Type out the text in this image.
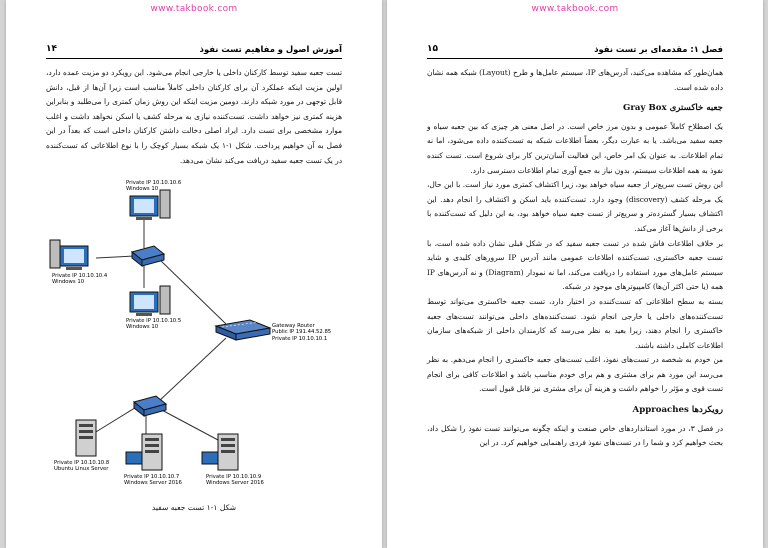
www.takbook.com
۱۴	آموزش اصول و مفاهیم تست نفوذ

تست جعبه سفید توسط کارکنان داخلی یا خارجی انجام می‌شود. این رویکرد دو مزیت عمده دارد، اولین مزیت اینکه عملکرد آن برای کارکنان داخلی کاملاً مناسب است زیرا آن‌ها از قبل، دانش قابل توجهی در مورد شبکه دارند. دومین مزیت اینکه این روش زمان کمتری را می‌طلبد و بنابراین هزینه کمتری نیز خواهد داشت. تست‌کننده نیازی به مرحله کشف یا اسکن نخواهد داشت و اغلب موارد مشخصی برای تست دارد. ایراد اصلی دخالت داشتن کارکنان داخلی است که بعداً در این فصل به آن خواهیم پرداخت. شکل ۱-۱ یک شبکه بسیار کوچک را با نوع اطلاعاتی که تست‌کننده در یک تست جعبه سفید دریافت می‌کند نشان می‌دهد.

Private IP 10.10.10.6
Windows 10
Private IP 10.10.10.4
Windows 10
Private IP 10.10.10.5
Windows 10	Gateway Router
Public IP 191.44.52.85
Private IP 10.10.10.1
Private IP 10.10.10.8
Ubuntu Linux Server
Private IP 10.10.10.7
Windows Server 2016
Private IP 10.10.10.9
Windows Server 2016
شکل ۱-۱ تست جعبه سفید
www.takbook.com
۱۵	فصل ۱: مقدمه‌ای بر تست نفوذ

همان‌طور که مشاهده می‌کنید، آدرس‌های IP، سیستم عامل‌ها و طرح (Layout) شبکه همه نشان داده شده است.

جعبه خاکستری Gray Box

یک اصطلاح کاملاً عمومی و بدون مرز خاص است. در اصل معنی هر چیزی که بین جعبه سیاه و جعبه سفید می‌باشد. یا به عبارت دیگر، بعضاً اطلاعات شبکه به تست‌کننده داده می‌شود، اما نه تمام اطلاعات. به عنوان یک امر خاص، این فعالیت آسان‌ترین کار برای شروع است. تست کننده نفوذ به همه اطلاعات سیستم، بدون نیاز به جمع آوری تمام اطلاعات دسترسی دارد.

این روش تست سریع‌تر از جعبه سیاه خواهد بود، زیرا اکتشاف کمتری مورد نیاز است. با این حال، یک مرحله کشف (discovery) وجود دارد. تست‌کننده باید اسکن و اکتشاف را انجام دهد. این اکتشاف بسیار گسترده‌تر و سریع‌تر از تست جعبه سیاه خواهد بود، به این دلیل که تست‌کننده با برخی از دانش‌ها آغاز می‌کند.

بر خلاف اطلاعات فاش شده در تست جعبه سفید که در شکل قبلی نشان داده شده است، با تست جعبه خاکستری، تست‌کننده اطلاعات عمومی مانند آدرس IP سرورهای کلیدی و شاید سیستم عامل‌های مورد استفاده را دریافت می‌کند، اما نه نمودار (Diagram) و نه آدرس‌های IP همه (یا حتی اکثر آن‌ها) کامپیوترهای موجود در شبکه.

بسته به سطح اطلاعاتی که تست‌کننده در اختیار دارد، تست جعبه خاکستری می‌تواند توسط تست‌کننده‌های داخلی یا خارجی انجام شود. تست‌کننده‌های داخلی می‌توانند تست‌های جعبه خاکستری را انجام دهند، زیرا بعید به نظر می‌رسد که کارمندان داخلی از شبکه‌های سازمان اطلاعات کاملی داشته باشند.

من خودم به شخصه در تست‌های نفوذ، اغلب تست‌های جعبه خاکستری را انجام می‌دهم. به نظر می‌رسد این مورد هم برای مشتری و هم برای خودم مناسب باشد و اطلاعات کافی برای انجام تست قوی و مؤثر را خواهم داشت و هزینه آن برای مشتری نیز قابل قبول است.

رویکردها Approaches

در فصل ۳، در مورد استانداردهای خاص صنعت و اینکه چگونه می‌توانند تست نفوذ را شکل داد، بحث خواهیم کرد و شما را در تست‌های نفوذ فردی راهنمایی خواهیم کرد. در این
